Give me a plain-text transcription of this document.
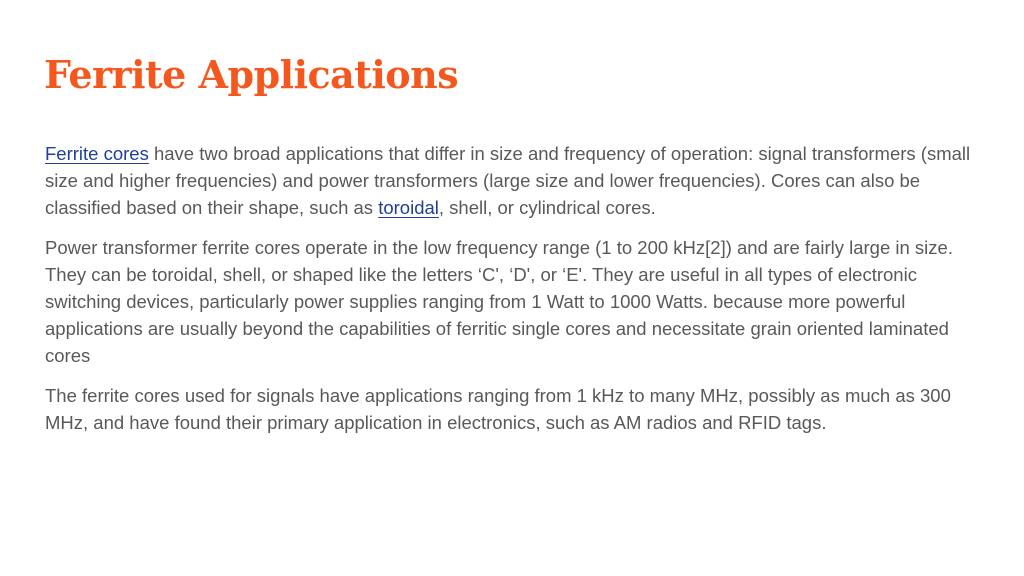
Ferrite Applications

Ferrite cores have two broad applications that differ in size and frequency of operation: signal transformers (small size and higher frequencies) and power transformers (large size and lower frequencies). Cores can also be classified based on their shape, such as toroidal, shell, or cylindrical cores.

Power transformer ferrite cores operate in the low frequency range (1 to 200 kHz[2]) and are fairly large in size. They can be toroidal, shell, or shaped like the letters ‘C', ‘D', or ‘E'. They are useful in all types of electronic switching devices, particularly power supplies ranging from 1 Watt to 1000 Watts. because more powerful applications are usually beyond the capabilities of ferritic single cores and necessitate grain oriented laminated cores

The ferrite cores used for signals have applications ranging from 1 kHz to many MHz, possibly as much as 300 MHz, and have found their primary application in electronics, such as AM radios and RFID tags.
